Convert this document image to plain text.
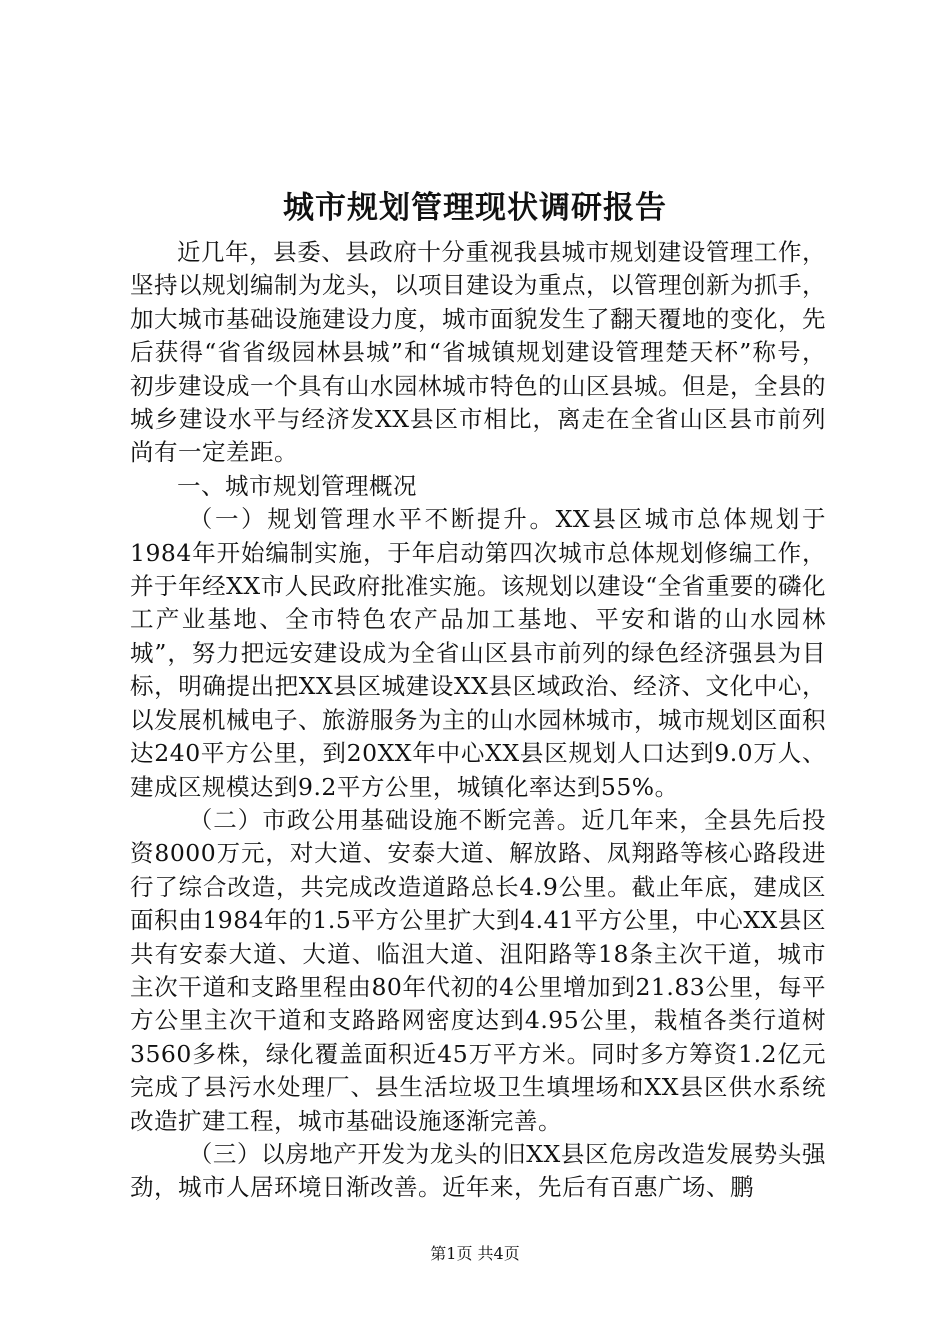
城市规划管理现状调研报告

近几年，县委、县政府十分重视我县城市规划建设管理工作，坚持以规划编制为龙头，以项目建设为重点，以管理创新为抓手，加大城市基础设施建设力度，城市面貌发生了翻天覆地的变化，先后获得“省省级园林县城”和“省城镇规划建设管理楚天杯”称号，初步建设成一个具有山水园林城市特色的山区县城。但是，全县的城乡建设水平与经济发XX县区市相比，离走在全省山区县市前列尚有一定差距。

一、城市规划管理概况

（一）规划管理水平不断提升。XX县区城市总体规划于1984年开始编制实施，于年启动第四次城市总体规划修编工作，并于年经XX市人民政府批准实施。该规划以建设“全省重要的磷化工产业基地、全市特色农产品加工基地、平安和谐的山水园林城”，努力把远安建设成为全省山区县市前列的绿色经济强县为目标，明确提出把XX县区城建设XX县区域政治、经济、文化中心，以发展机械电子、旅游服务为主的山水园林城市，城市规划区面积达240平方公里，到20XX年中心XX县区规划人口达到9.0万人、建成区规模达到9.2平方公里，城镇化率达到55%。

（二）市政公用基础设施不断完善。近几年来，全县先后投资8000万元，对大道、安泰大道、解放路、凤翔路等核心路段进行了综合改造，共完成改造道路总长4.9公里。截止年底，建成区面积由1984年的1.5平方公里扩大到4.41平方公里，中心XX县区共有安泰大道、大道、临沮大道、沮阳路等18条主次干道，城市主次干道和支路里程由80年代初的4公里增加到21.83公里，每平方公里主次干道和支路路网密度达到4.95公里，栽植各类行道树3560多株，绿化覆盖面积近45万平方米。同时多方筹资1.2亿元完成了县污水处理厂、县生活垃圾卫生填埋场和XX县区供水系统改造扩建工程，城市基础设施逐渐完善。

（三）以房地产开发为龙头的旧XX县区危房改造发展势头强劲，城市人居环境日渐改善。近年来，先后有百惠广场、鹏

第1页 共4页
